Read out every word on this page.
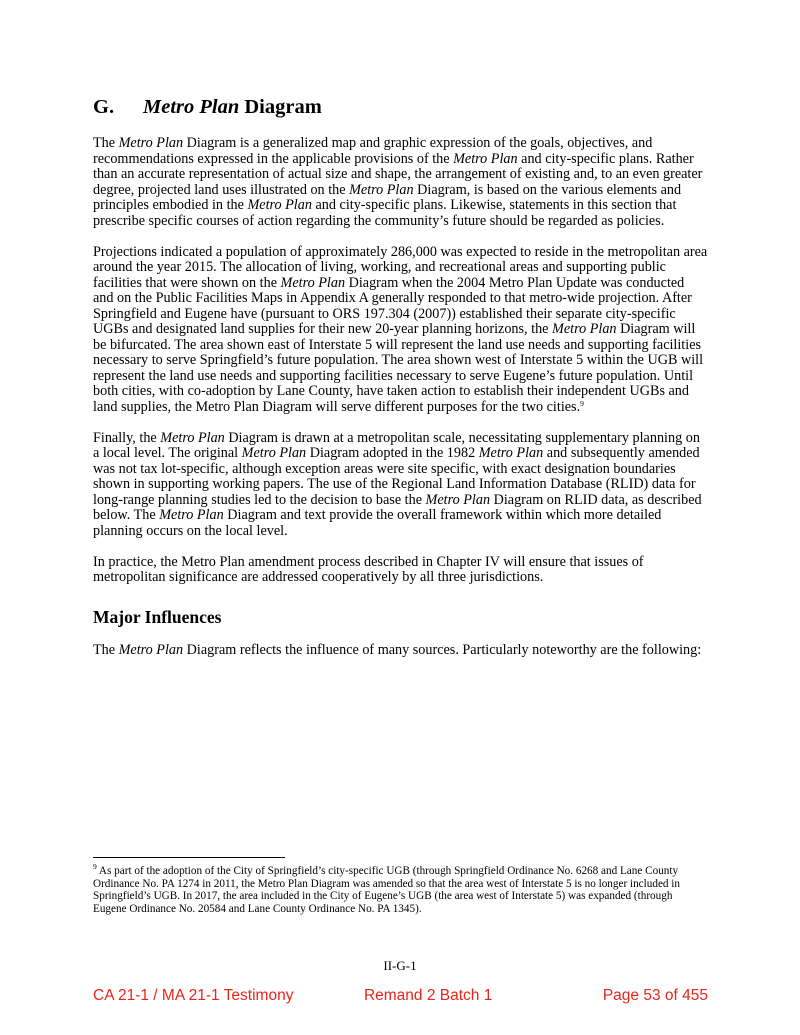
G. Metro Plan Diagram

The Metro Plan Diagram is a generalized map and graphic expression of the goals, objectives, and recommendations expressed in the applicable provisions of the Metro Plan and city-specific plans. Rather than an accurate representation of actual size and shape, the arrangement of existing and, to an even greater degree, projected land uses illustrated on the Metro Plan Diagram, is based on the various elements and principles embodied in the Metro Plan and city-specific plans. Likewise, statements in this section that prescribe specific courses of action regarding the community’s future should be regarded as policies.

Projections indicated a population of approximately 286,000 was expected to reside in the metropolitan area around the year 2015. The allocation of living, working, and recreational areas and supporting public facilities that were shown on the Metro Plan Diagram when the 2004 Metro Plan Update was conducted and on the Public Facilities Maps in Appendix A generally responded to that metro-wide projection. After Springfield and Eugene have (pursuant to ORS 197.304 (2007)) established their separate city-specific UGBs and designated land supplies for their new 20-year planning horizons, the Metro Plan Diagram will be bifurcated. The area shown east of Interstate 5 will represent the land use needs and supporting facilities necessary to serve Springfield’s future population. The area shown west of Interstate 5 within the UGB will represent the land use needs and supporting facilities necessary to serve Eugene’s future population. Until both cities, with co-adoption by Lane County, have taken action to establish their independent UGBs and land supplies, the Metro Plan Diagram will serve different purposes for the two cities.$^9$

Finally, the Metro Plan Diagram is drawn at a metropolitan scale, necessitating supplementary planning on a local level. The original Metro Plan Diagram adopted in the 1982 Metro Plan and subsequently amended was not tax lot-specific, although exception areas were site specific, with exact designation boundaries shown in supporting working papers. The use of the Regional Land Information Database (RLID) data for long-range planning studies led to the decision to base the Metro Plan Diagram on RLID data, as described below. The Metro Plan Diagram and text provide the overall framework within which more detailed planning occurs on the local level.

In practice, the Metro Plan amendment process described in Chapter IV will ensure that issues of metropolitan significance are addressed cooperatively by all three jurisdictions.

Major Influences

The Metro Plan Diagram reflects the influence of many sources. Particularly noteworthy are the following:

$^9$ As part of the adoption of the City of Springfield’s city-specific UGB (through Springfield Ordinance No. 6268 and Lane County Ordinance No. PA 1274 in 2011, the Metro Plan Diagram was amended so that the area west of Interstate 5 is no longer included in Springfield’s UGB. In 2017, the area included in the City of Eugene’s UGB (the area west of Interstate 5) was expanded (through Eugene Ordinance No. 20584 and Lane County Ordinance No. PA 1345).
II-G-1
CA 21-1 / MA 21-1 Testimony	Remand 2 Batch 1	Page 53 of 455
